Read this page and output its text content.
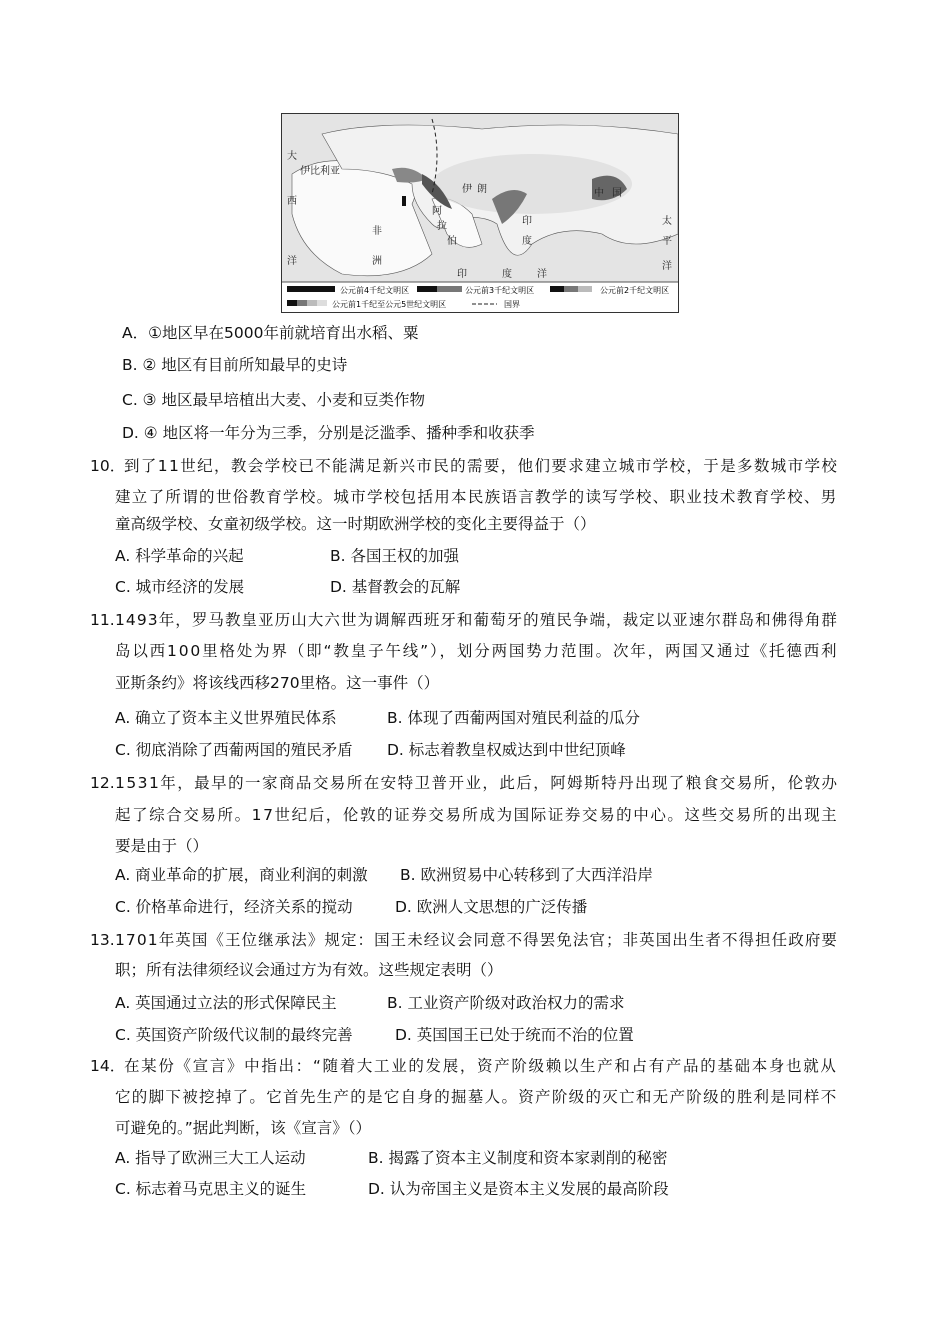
大
西
洋
伊比利亚
非
洲
阿
拉
伯
伊 朗
印
度
中 国
太
平
洋
印	度	洋
公元前4千纪文明区	公元前3千纪文明区	公元前2千纪文明区
公元前1千纪至公元5世纪文明区	国界
A．①地区早在5000年前就培育出水稻、粟
B. ② 地区有目前所知最早的史诗
C. ③ 地区最早培植出大麦、小麦和豆类作物
D. ④ 地区将一年分为三季，分别是泛滥季、播种季和收获季
10．
到了11世纪，教会学校已不能满足新兴市民的需要，他们要求建立城市学校，于是多数城市学校
建立了所谓的世俗教育学校。城市学校包括用本民族语言教学的读写学校、职业技术教育学校、男
童高级学校、女童初级学校。这一时期欧洲学校的变化主要得益于（）
A. 科学革命的兴起	B. 各国王权的加强
C. 城市经济的发展	D. 基督教会的瓦解
11. 1493年，罗马教皇亚历山大六世为调解西班牙和葡萄牙的殖民争端，裁定以亚速尔群岛和佛得角群
岛以西100里格处为界（即“教皇子午线”），划分两国势力范围。次年，两国又通过《托德西利
亚斯条约》将该线西移270里格。这一事件（）
A. 确立了资本主义世界殖民体系	B. 体现了西葡两国对殖民利益的瓜分
C. 彻底消除了西葡两国的殖民矛盾 D. 标志着教皇权威达到中世纪顶峰
12. 1531年，最早的一家商品交易所在安特卫普开业，此后，阿姆斯特丹出现了粮食交易所，伦敦办
起了综合交易所。17世纪后，伦敦的证券交易所成为国际证券交易的中心。这些交易所的出现主
要是由于（）
A. 商业革命的扩展，商业利润的刺激 B. 欧洲贸易中心转移到了大西洋沿岸
C. 价格革命进行，经济关系的搅动	D. 欧洲人文思想的广泛传播
13. 1701年英国《王位继承法》规定：国王未经议会同意不得罢免法官；非英国出生者不得担任政府要
职；所有法律须经议会通过方为有效。这些规定表明（）
A. 英国通过立法的形式保障民主	B. 工业资产阶级对政治权力的需求
C. 英国资产阶级代议制的最终完善	D. 英国国王已处于统而不治的位置
14．
在某份《宣言》中指出：“随着大工业的发展，资产阶级赖以生产和占有产品的基础本身也就从
它的脚下被挖掉了。它首先生产的是它自身的掘墓人。资产阶级的灭亡和无产阶级的胜利是同样不
可避免的。”据此判断，该《宣言》（）
A. 指导了欧洲三大工人运动	B. 揭露了资本主义制度和资本家剥削的秘密
C. 标志着马克思主义的诞生	D. 认为帝国主义是资本主义发展的最高阶段
